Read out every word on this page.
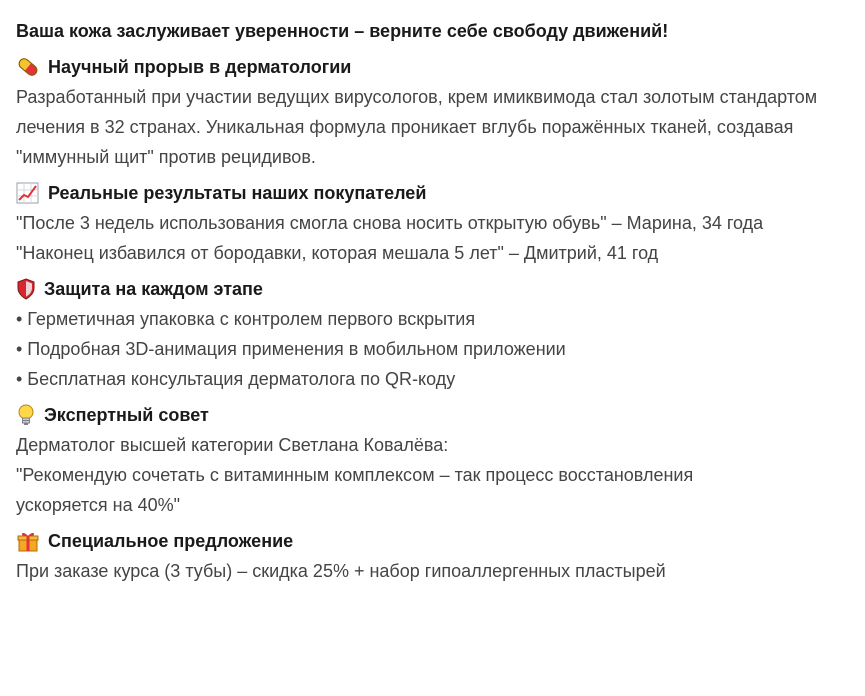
Ваша кожа заслуживает уверенности – верните себе свободу движений!
Научный прорыв в дерматологии
Разработанный при участии ведущих вирусологов, крем имиквимода стал золотым стандартом лечения в 32 странах. Уникальная формула проникает вглубь поражённых тканей, создавая "иммунный щит" против рецидивов.
Реальные результаты наших покупателей
"После 3 недель использования смогла снова носить открытую обувь" – Марина, 34 года
"Наконец избавился от бородавки, которая мешала 5 лет" – Дмитрий, 41 год
Защита на каждом этапе
• Герметичная упаковка с контролем первого вскрытия
• Подробная 3D-анимация применения в мобильном приложении
• Бесплатная консультация дерматолога по QR-коду
Экспертный совет
Дерматолог высшей категории Светлана Ковалёва:
"Рекомендую сочетать с витаминным комплексом – так процесс восстановления
ускоряется на 40%"
Специальное предложение
При заказе курса (3 тубы) – скидка 25% + набор гипоаллергенных пластырей
